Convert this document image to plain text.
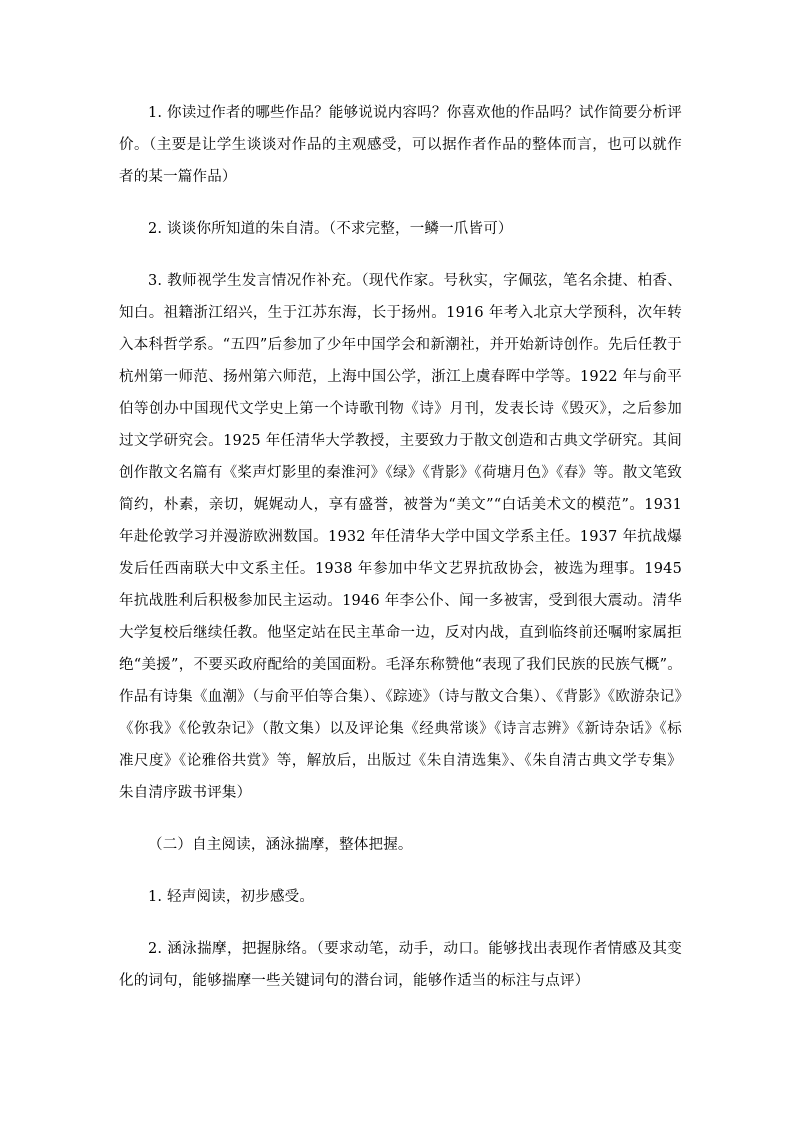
1. 你读过作者的哪些作品？能够说说内容吗？你喜欢他的作品吗？试作简要分析评价。（主要是让学生谈谈对作品的主观感受，可以据作者作品的整体而言，也可以就作者的某一篇作品）

2. 谈谈你所知道的朱自清。（不求完整，一鳞一爪皆可）

3. 教师视学生发言情况作补充。（现代作家。号秋实，字佩弦，笔名余捷、柏香、知白。祖籍浙江绍兴，生于江苏东海，长于扬州。1916 年考入北京大学预科，次年转入本科哲学系。“五四”后参加了少年中国学会和新潮社，并开始新诗创作。先后任教于杭州第一师范、扬州第六师范，上海中国公学，浙江上虞春晖中学等。1922 年与俞平伯等创办中国现代文学史上第一个诗歌刊物《诗》月刊，发表长诗《毁灭》，之后参加过文学研究会。1925 年任清华大学教授，主要致力于散文创造和古典文学研究。其间创作散文名篇有《桨声灯影里的秦淮河》《绿》《背影》《荷塘月色》《春》等。散文笔致简约，朴素，亲切，娓娓动人，享有盛誉，被誉为“美文”“白话美术文的模范”。1931 年赴伦敦学习并漫游欧洲数国。1932 年任清华大学中国文学系主任。1937 年抗战爆发后任西南联大中文系主任。1938 年参加中华文艺界抗敌协会，被选为理事。1945 年抗战胜利后积极参加民主运动。1946 年李公仆、闻一多被害，受到很大震动。清华大学复校后继续任教。他坚定站在民主革命一边，反对内战，直到临终前还嘱咐家属拒绝“美援”，不要买政府配给的美国面粉。毛泽东称赞他“表现了我们民族的民族气概”。作品有诗集《血潮》（与俞平伯等合集）、《踪迹》（诗与散文合集）、《背影》《欧游杂记》《你我》《伦敦杂记》（散文集）以及评论集《经典常谈》《诗言志辨》《新诗杂话》《标准尺度》《论雅俗共赏》等，解放后，出版过《朱自清选集》、《朱自清古典文学专集》朱自清序跋书评集）

（二）自主阅读，涵泳揣摩，整体把握。

1. 轻声阅读，初步感受。

2. 涵泳揣摩，把握脉络。（要求动笔，动手，动口。能够找出表现作者情感及其变化的词句，能够揣摩一些关键词句的潜台词，能够作适当的标注与点评）
